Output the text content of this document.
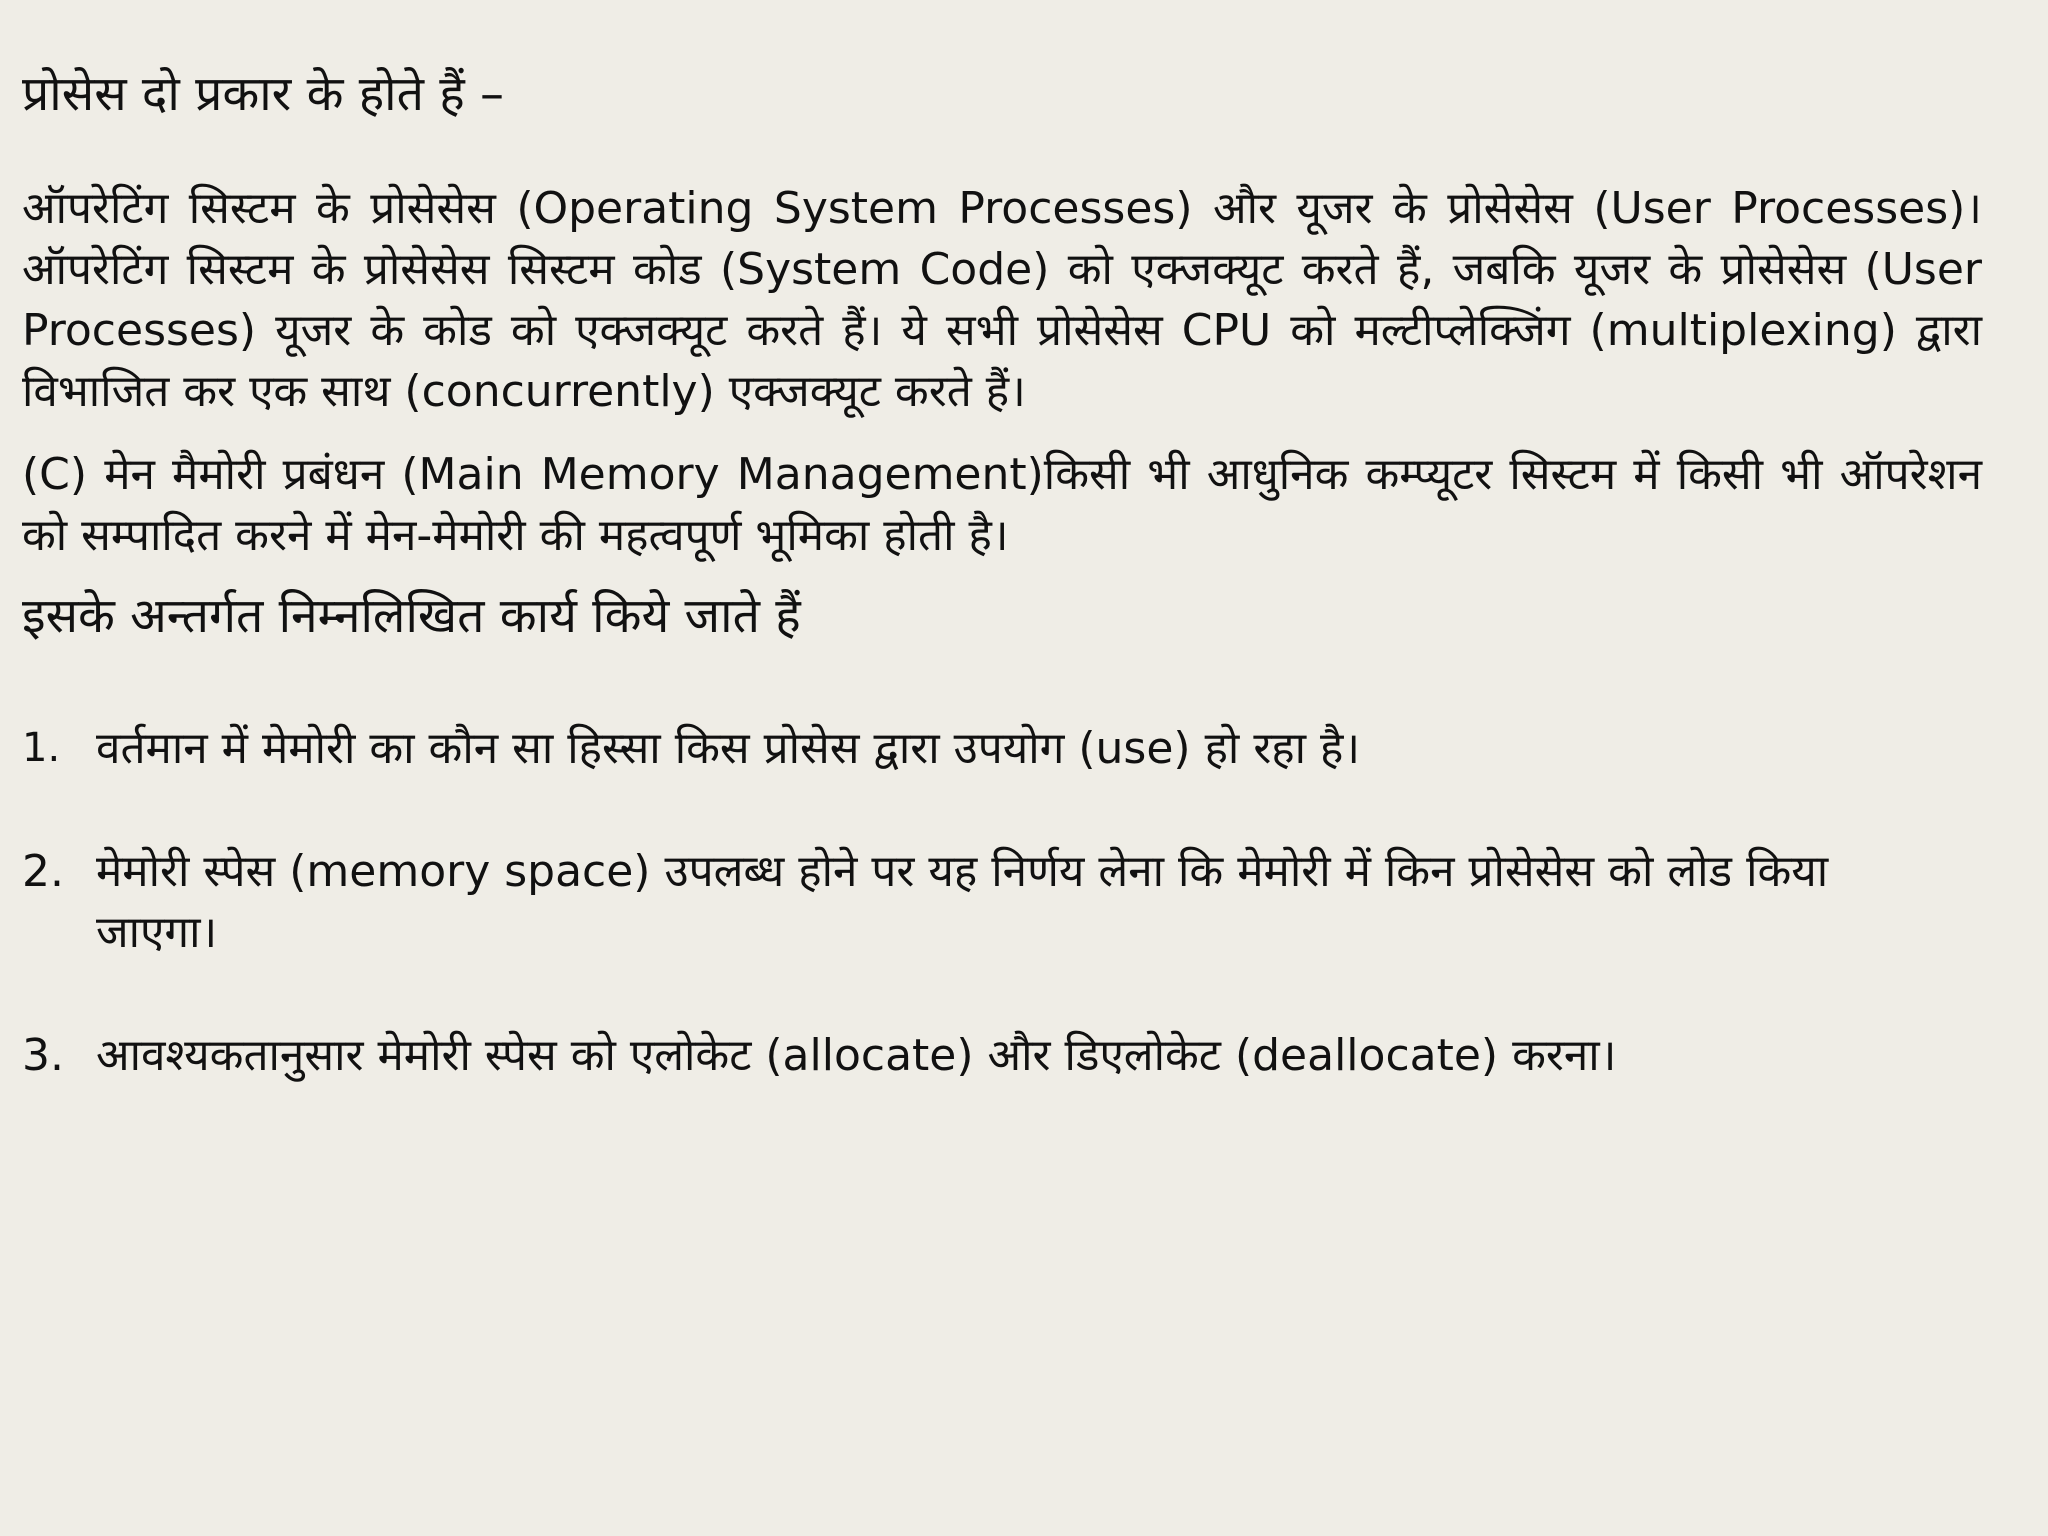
प्रोसेस दो प्रकार के होते हैं –

ऑपरेटिंग सिस्टम के प्रोसेसेस (Operating System Processes) और यूजर के प्रोसेसेस (User Processes)। ऑपरेटिंग सिस्टम के प्रोसेसेस सिस्टम कोड (System Code) को एक्जक्यूट करते हैं, जबकि यूजर के प्रोसेसेस (User Processes) यूजर के कोड को एक्जक्यूट करते हैं। ये सभी प्रोसेसेस CPU को मल्टीप्लेक्जिंग (multiplexing) द्वारा विभाजित कर एक साथ (concurrently) एक्जक्यूट करते हैं।

(C) मेन मैमोरी प्रबंधन (Main Memory Management)किसी भी आधुनिक कम्प्यूटर सिस्टम में किसी भी ऑपरेशन को सम्पादित करने में मेन-मेमोरी की महत्वपूर्ण भूमिका होती है।

इसके अन्तर्गत निम्नलिखित कार्य किये जाते हैं

1. वर्तमान में मेमोरी का कौन सा हिस्सा किस प्रोसेस द्वारा उपयोग (use) हो रहा है।
2. मेमोरी स्पेस (memory space) उपलब्ध होने पर यह निर्णय लेना कि मेमोरी में किन प्रोसेसेस को लोड किया जाएगा।
3. आवश्यकतानुसार मेमोरी स्पेस को एलोकेट (allocate) और डिएलोकेट (deallocate) करना।
